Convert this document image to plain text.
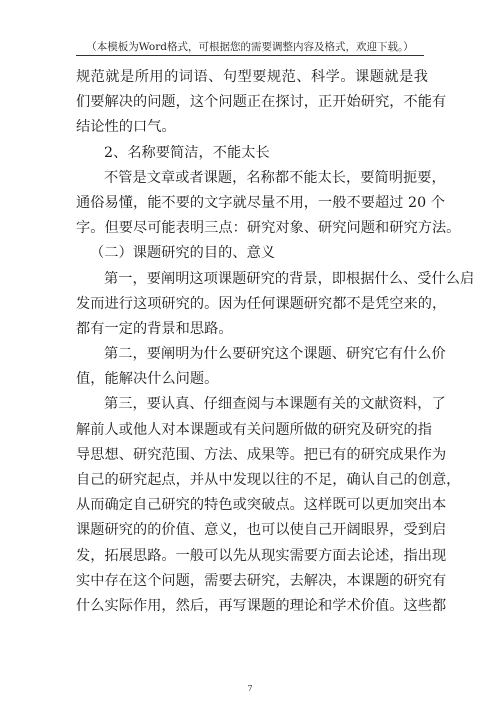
（本模板为Word格式，可根据您的需要调整内容及格式，欢迎下载。）
规范就是所用的词语、句型要规范、科学。课题就是我
们要解决的问题，这个问题正在探讨，正开始研究，不能有
结论性的口气。
2、名称要简洁，不能太长
不管是文章或者课题，名称都不能太长，要简明扼要，
通俗易懂，能不要的文字就尽量不用，一般不要超过 20 个
字。但要尽可能表明三点：研究对象、研究问题和研究方法。
（二）课题研究的目的、意义
第一，要阐明这项课题研究的背景，即根据什么、受什么启
发而进行这项研究的。因为任何课题研究都不是凭空来的，
都有一定的背景和思路。
第二，要阐明为什么要研究这个课题、研究它有什么价
值，能解决什么问题。
第三，要认真、仔细查阅与本课题有关的文献资料，了
解前人或他人对本课题或有关问题所做的研究及研究的指
导思想、研究范围、方法、成果等。把已有的研究成果作为
自己的研究起点，并从中发现以往的不足，确认自己的创意，
从而确定自己研究的特色或突破点。这样既可以更加突出本
课题研究的的价值、意义，也可以使自己开阔眼界，受到启
发，拓展思路。一般可以先从现实需要方面去论述，指出现
实中存在这个问题，需要去研究，去解决，本课题的研究有
什么实际作用，然后，再写课题的理论和学术价值。这些都
7
